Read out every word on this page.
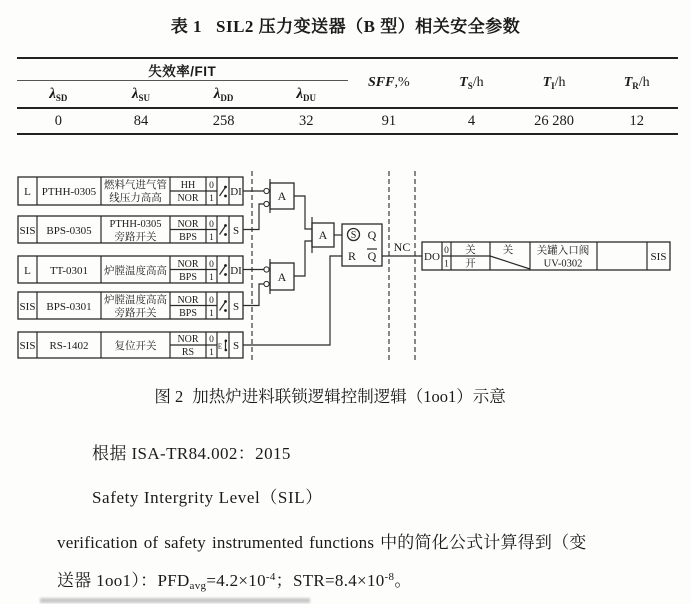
表 1 SIL2 压力变送器（B 型）相关安全参数
失效率/FIT				SFF,%	$T_S/h$	$T_I/h$	$T_R/h$
$\lambda_{SD}$	$\lambda_{SU}$	$\lambda_{DD}$	$\lambda_{DU}$
0	84	258	32	91	4	26 280	12
L PTHH-0305
燃料气进气管
线压力高高
HH
NOR
0
1
DI
SIS BPS-0305
PTHH-0305
旁路开关
NOR
BPS
0
1
S
L TT-0301 炉膛温度高高
NOR
BPS
0
1
DI
SIS BPS-0301
炉膛温度高高
旁路开关
NOR
BPS
0
1
S
SIS RS-1402 复位开关
NOR
RS
0
1
E S
A
A
A S Q
R Q
NC
DO 0
1
关
开
关 关罐入口阀
UV-0302
SIS
图 2 加热炉进料联锁逻辑控制逻辑（1oo1）示意
根据 ISA-TR84.002：2015
Safety Intergrity Level（SIL）
verification of safety instrumented functions 中的简化公式计算得到（变
送器 1oo1）：$PFD_{avg}=4.2\times 10^{-4}$；$STR=8.4\times 10^{-8}$。
